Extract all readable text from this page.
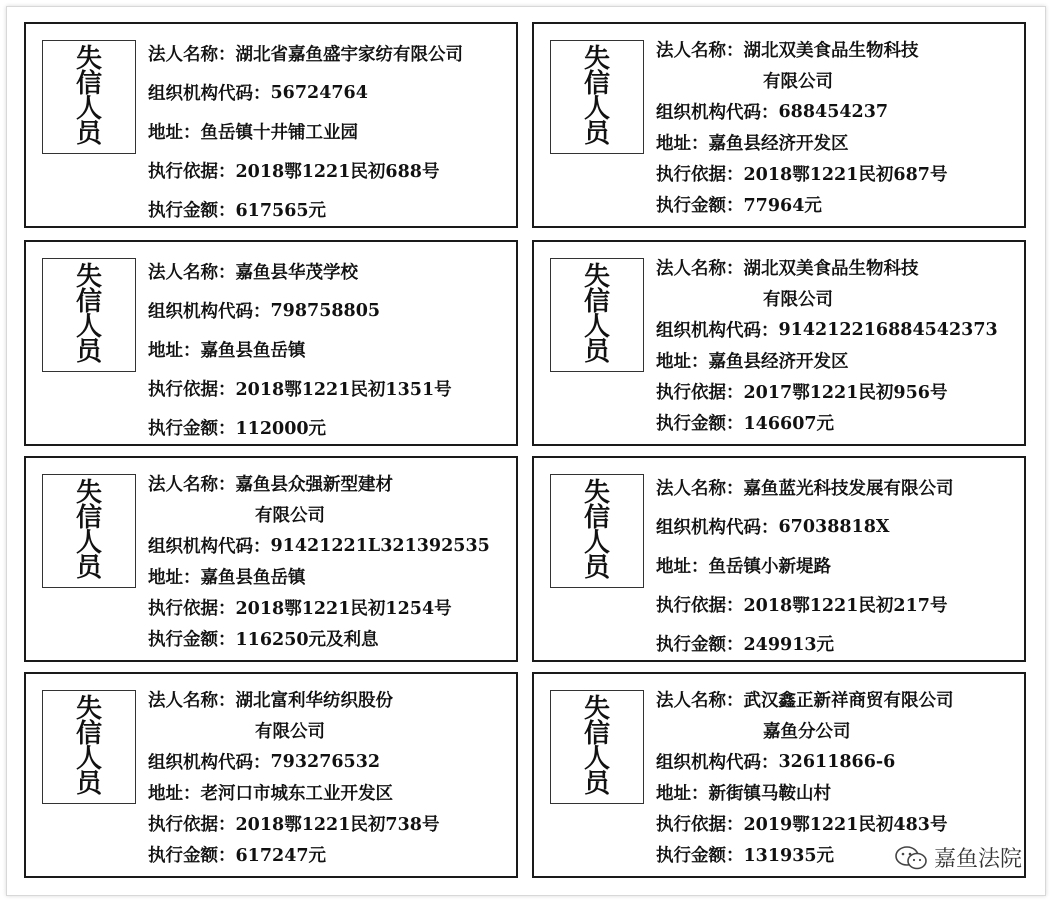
失
信
人
员
法人名称： 湖北省嘉鱼盛宇家纺有限公司
组织机构代码： 56724764
地址： 鱼岳镇十井铺工业园
执行依据： 2018鄂1221民初688号
执行金额： 617565元
失
信
人
员
法人名称： 湖北双美食品生物科技
有限公司
组织机构代码： 688454237
地址： 嘉鱼县经济开发区
执行依据： 2018鄂1221民初687号
执行金额： 77964元
失
信
人
员
法人名称： 嘉鱼县华茂学校
组织机构代码： 798758805
地址： 嘉鱼县鱼岳镇
执行依据： 2018鄂1221民初1351号
执行金额： 112000元
失
信
人
员
法人名称： 湖北双美食品生物科技
有限公司
组织机构代码： 914212216884542373
地址： 嘉鱼县经济开发区
执行依据： 2017鄂1221民初956号
执行金额： 146607元
失
信
人
员
法人名称： 嘉鱼县众强新型建材
有限公司
组织机构代码： 91421221L321392535
地址： 嘉鱼县鱼岳镇
执行依据： 2018鄂1221民初1254号
执行金额： 116250元及利息
失
信
人
员
法人名称： 嘉鱼蓝光科技发展有限公司
组织机构代码： 67038818X
地址： 鱼岳镇小新堤路
执行依据： 2018鄂1221民初217号
执行金额： 249913元
失
信
人
员
法人名称： 湖北富利华纺织股份
有限公司
组织机构代码： 793276532
地址： 老河口市城东工业开发区
执行依据： 2018鄂1221民初738号
执行金额： 617247元
失
信
人
员
法人名称： 武汉鑫正新祥商贸有限公司
嘉鱼分公司
组织机构代码： 32611866-6
地址： 新街镇马鞍山村
执行依据： 2019鄂1221民初483号
执行金额： 131935元	嘉鱼法院
